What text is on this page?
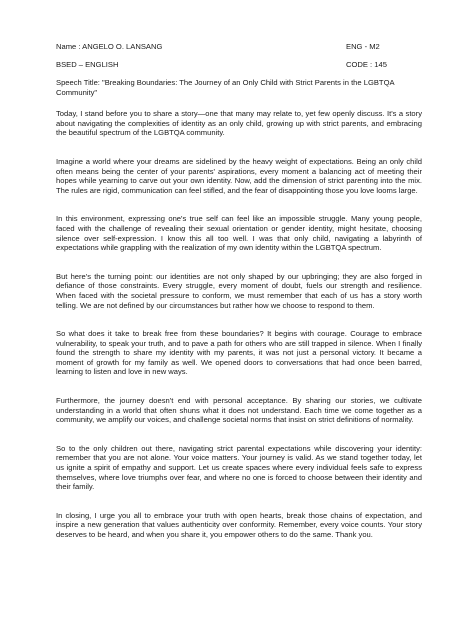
Name : ANGELO O. LANSANG	ENG - M2
BSED – ENGLISH	CODE : 145

Speech Title: "Breaking Boundaries: The Journey of an Only Child with Strict Parents in the LGBTQA Community"

Today, I stand before you to share a story—one that many may relate to, yet few openly discuss. It's a story about navigating the complexities of identity as an only child, growing up with strict parents, and embracing the beautiful spectrum of the LGBTQA community.

Imagine a world where your dreams are sidelined by the heavy weight of expectations. Being an only child often means being the center of your parents' aspirations, every moment a balancing act of meeting their hopes while yearning to carve out your own identity. Now, add the dimension of strict parenting into the mix. The rules are rigid, communication can feel stifled, and the fear of disappointing those you love looms large.

In this environment, expressing one's true self can feel like an impossible struggle. Many young people, faced with the challenge of revealing their sexual orientation or gender identity, might hesitate, choosing silence over self-expression. I know this all too well. I was that only child, navigating a labyrinth of expectations while grappling with the realization of my own identity within the LGBTQA spectrum.

But here's the turning point: our identities are not only shaped by our upbringing; they are also forged in defiance of those constraints. Every struggle, every moment of doubt, fuels our strength and resilience. When faced with the societal pressure to conform, we must remember that each of us has a story worth telling. We are not defined by our circumstances but rather how we choose to respond to them.

So what does it take to break free from these boundaries? It begins with courage. Courage to embrace vulnerability, to speak your truth, and to pave a path for others who are still trapped in silence. When I finally found the strength to share my identity with my parents, it was not just a personal victory. It became a moment of growth for my family as well. We opened doors to conversations that had once been barred, learning to listen and love in new ways.

Furthermore, the journey doesn't end with personal acceptance. By sharing our stories, we cultivate understanding in a world that often shuns what it does not understand. Each time we come together as a community, we amplify our voices, and challenge societal norms that insist on strict definitions of normality.

So to the only children out there, navigating strict parental expectations while discovering your identity: remember that you are not alone. Your voice matters. Your journey is valid. As we stand together today, let us ignite a spirit of empathy and support. Let us create spaces where every individual feels safe to express themselves, where love triumphs over fear, and where no one is forced to choose between their identity and their family.

In closing, I urge you all to embrace your truth with open hearts, break those chains of expectation, and inspire a new generation that values authenticity over conformity. Remember, every voice counts. Your story deserves to be heard, and when you share it, you empower others to do the same. Thank you.
